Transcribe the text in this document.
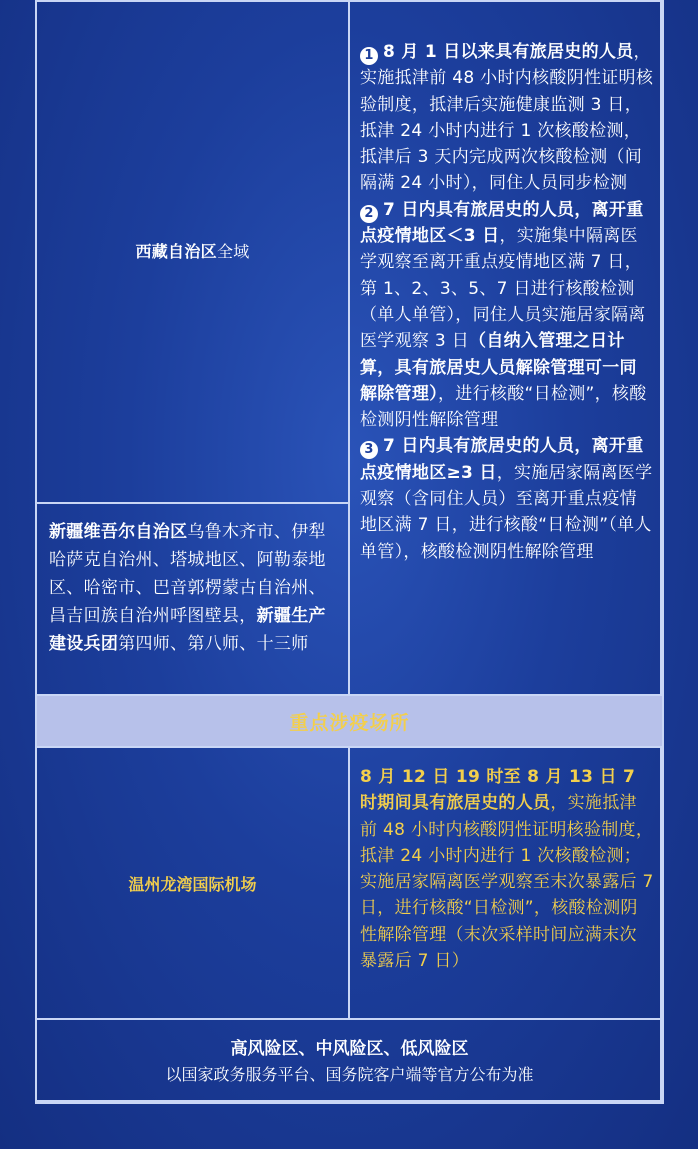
西藏自治区全域
新疆维吾尔自治区乌鲁木齐市、伊犁哈萨克自治州、塔城地区、阿勒泰地区、哈密市、巴音郭楞蒙古自治州、昌吉回族自治州呼图壁县，新疆生产建设兵团第四师、第八师、十三师
1 8 月 1 日以来具有旅居史的人员，实施抵津前 48 小时内核酸阴性证明核验制度，抵津后实施健康监测 3 日，抵津 24 小时内进行 1 次核酸检测，抵津后 3 天内完成两次核酸检测（间隔满 24 小时），同住人员同步检测
2 7 日内具有旅居史的人员，离开重点疫情地区＜3 日，实施集中隔离医学观察至离开重点疫情地区满 7 日，第 1、2、3、5、7 日进行核酸检测（单人单管），同住人员实施居家隔离医学观察 3 日（自纳入管理之日计算，具有旅居史人员解除管理可一同解除管理），进行核酸“日检测”，核酸检测阴性解除管理
3 7 日内具有旅居史的人员，离开重点疫情地区≥3 日，实施居家隔离医学观察（含同住人员）至离开重点疫情地区满 7 日，进行核酸“日检测”（单人单管），核酸检测阴性解除管理
重点涉疫场所
温州龙湾国际机场
8 月 12 日 19 时至 8 月 13 日 7 时期间具有旅居史的人员，实施抵津前 48 小时内核酸阴性证明核验制度，抵津 24 小时内进行 1 次核酸检测；实施居家隔离医学观察至末次暴露后 7 日，进行核酸“日检测”，核酸检测阴性解除管理（末次采样时间应满末次暴露后 7 日）
高风险区、中风险区、低风险区
以国家政务服务平台、国务院客户端等官方公布为准
